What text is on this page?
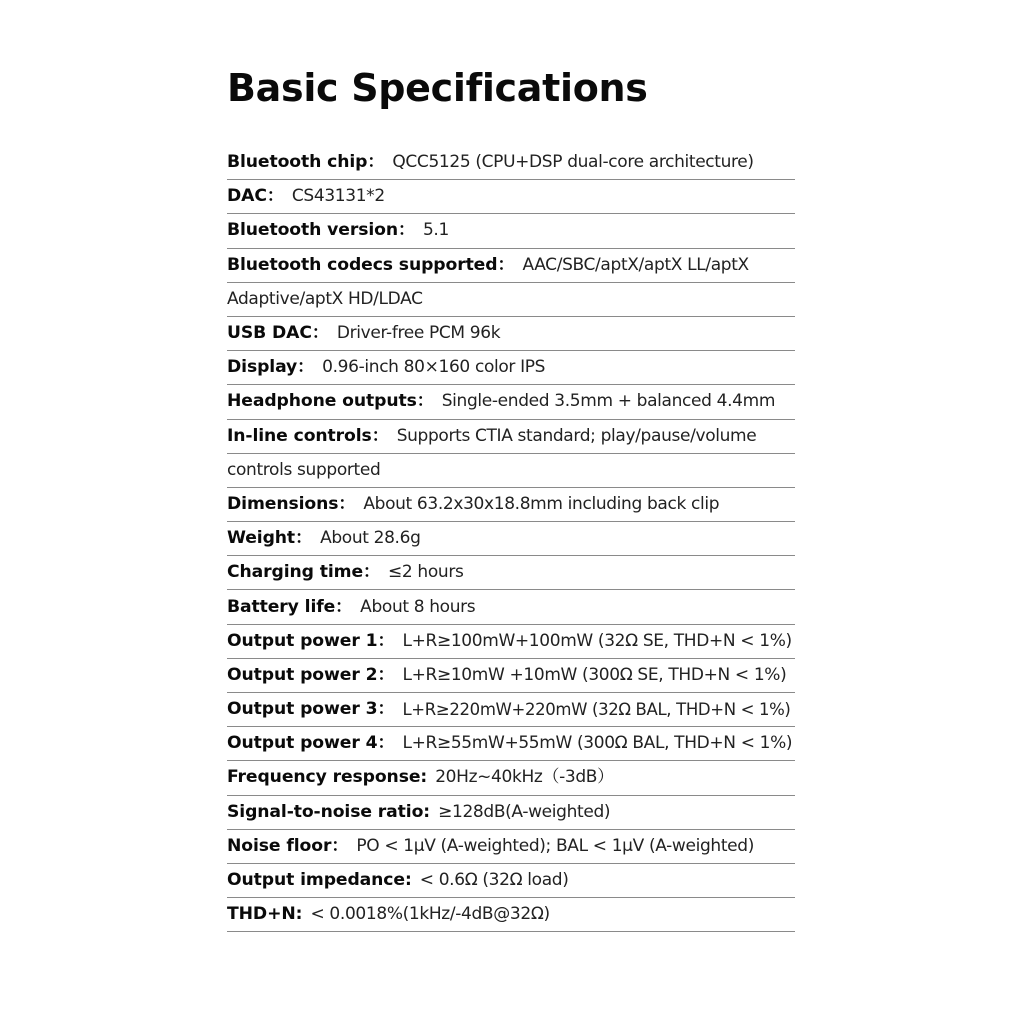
Basic Specifications
Bluetooth chip ： QCC5125 (CPU+DSP dual-core architecture)
DAC ： CS43131*2
Bluetooth version ： 5.1
Bluetooth codecs supported ： AAC/SBC/aptX/aptX LL/aptX
Adaptive/aptX HD/LDAC
USB DAC ： Driver-free PCM 96k
Display ： 0.96-inch 80×160 color IPS
Headphone outputs ： Single-ended 3.5mm + balanced 4.4mm
In-line controls ： Supports CTIA standard; play/pause/volume
controls supported
Dimensions ： About 63.2x30x18.8mm including back clip
Weight ： About 28.6g
Charging time ： ≤2 hours
Battery life ： About 8 hours
Output power 1 ： L+R≥100mW+100mW (32Ω SE, THD+N < 1%)
Output power 2 ： L+R≥10mW +10mW (300Ω SE, THD+N < 1%)
Output power 3 ： L+R≥220mW+220mW (32Ω BAL, THD+N < 1%)
Output power 4 ： L+R≥55mW+55mW (300Ω BAL, THD+N < 1%)
Frequency response : 20Hz~40kHz（-3dB）
Signal-to-noise ratio : ≥128dB(A-weighted)
Noise floor ： PO < 1μV (A-weighted); BAL < 1μV (A-weighted)
Output impedance : < 0.6Ω (32Ω load)
THD+N : < 0.0018%(1kHz/-4dB@32Ω)
